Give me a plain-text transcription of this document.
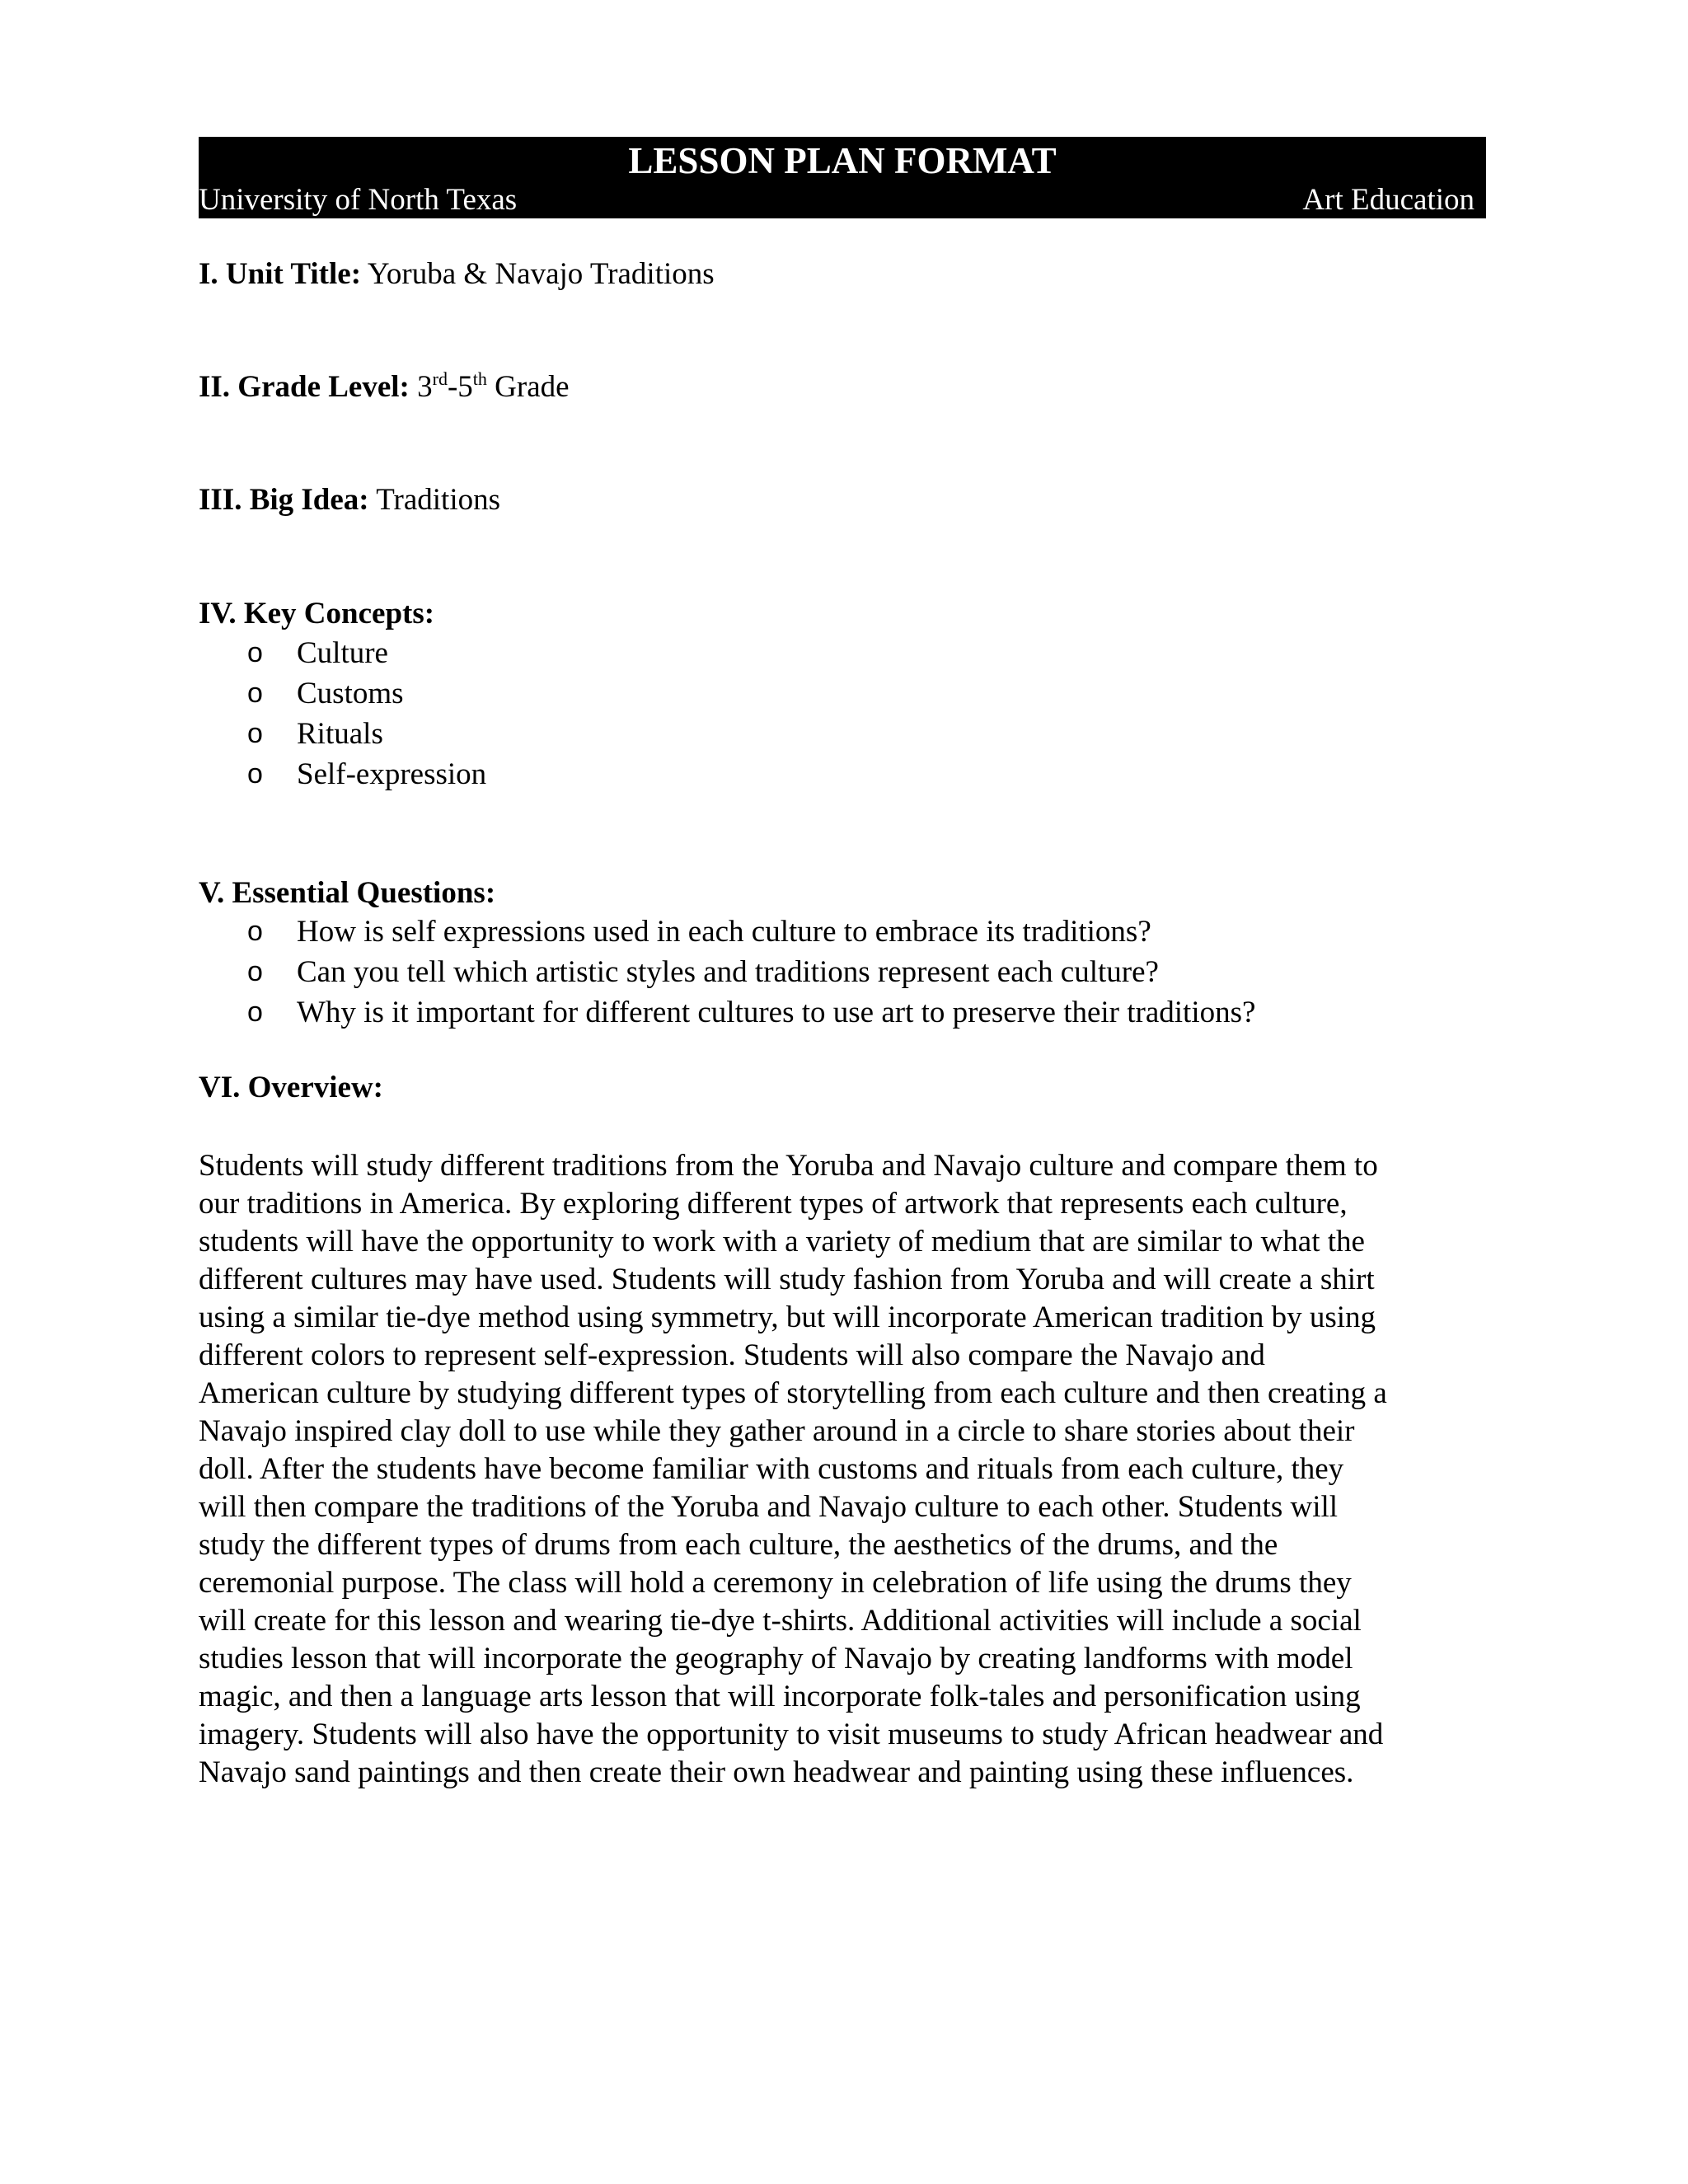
LESSON PLAN FORMAT
University of North Texas	Art Education
I. Unit Title: Yoruba & Navajo Traditions
II. Grade Level: 3rd-5th Grade
III. Big Idea: Traditions
IV. Key Concepts:
o Culture
o Customs
o Rituals
o Self-expression
V. Essential Questions:
o How is self expressions used in each culture to embrace its traditions?
o Can you tell which artistic styles and traditions represent each culture?
o Why is it important for different cultures to use art to preserve their traditions?
VI. Overview:
Students will study different traditions from the Yoruba and Navajo culture and compare them to
our traditions in America. By exploring different types of artwork that represents each culture,
students will have the opportunity to work with a variety of medium that are similar to what the
different cultures may have used. Students will study fashion from Yoruba and will create a shirt
using a similar tie-dye method using symmetry, but will incorporate American tradition by using
different colors to represent self-expression. Students will also compare the Navajo and
American culture by studying different types of storytelling from each culture and then creating a
Navajo inspired clay doll to use while they gather around in a circle to share stories about their
doll. After the students have become familiar with customs and rituals from each culture, they
will then compare the traditions of the Yoruba and Navajo culture to each other. Students will
study the different types of drums from each culture, the aesthetics of the drums, and the
ceremonial purpose. The class will hold a ceremony in celebration of life using the drums they
will create for this lesson and wearing tie-dye t-shirts. Additional activities will include a social
studies lesson that will incorporate the geography of Navajo by creating landforms with model
magic, and then a language arts lesson that will incorporate folk-tales and personification using
imagery. Students will also have the opportunity to visit museums to study African headwear and
Navajo sand paintings and then create their own headwear and painting using these influences.
